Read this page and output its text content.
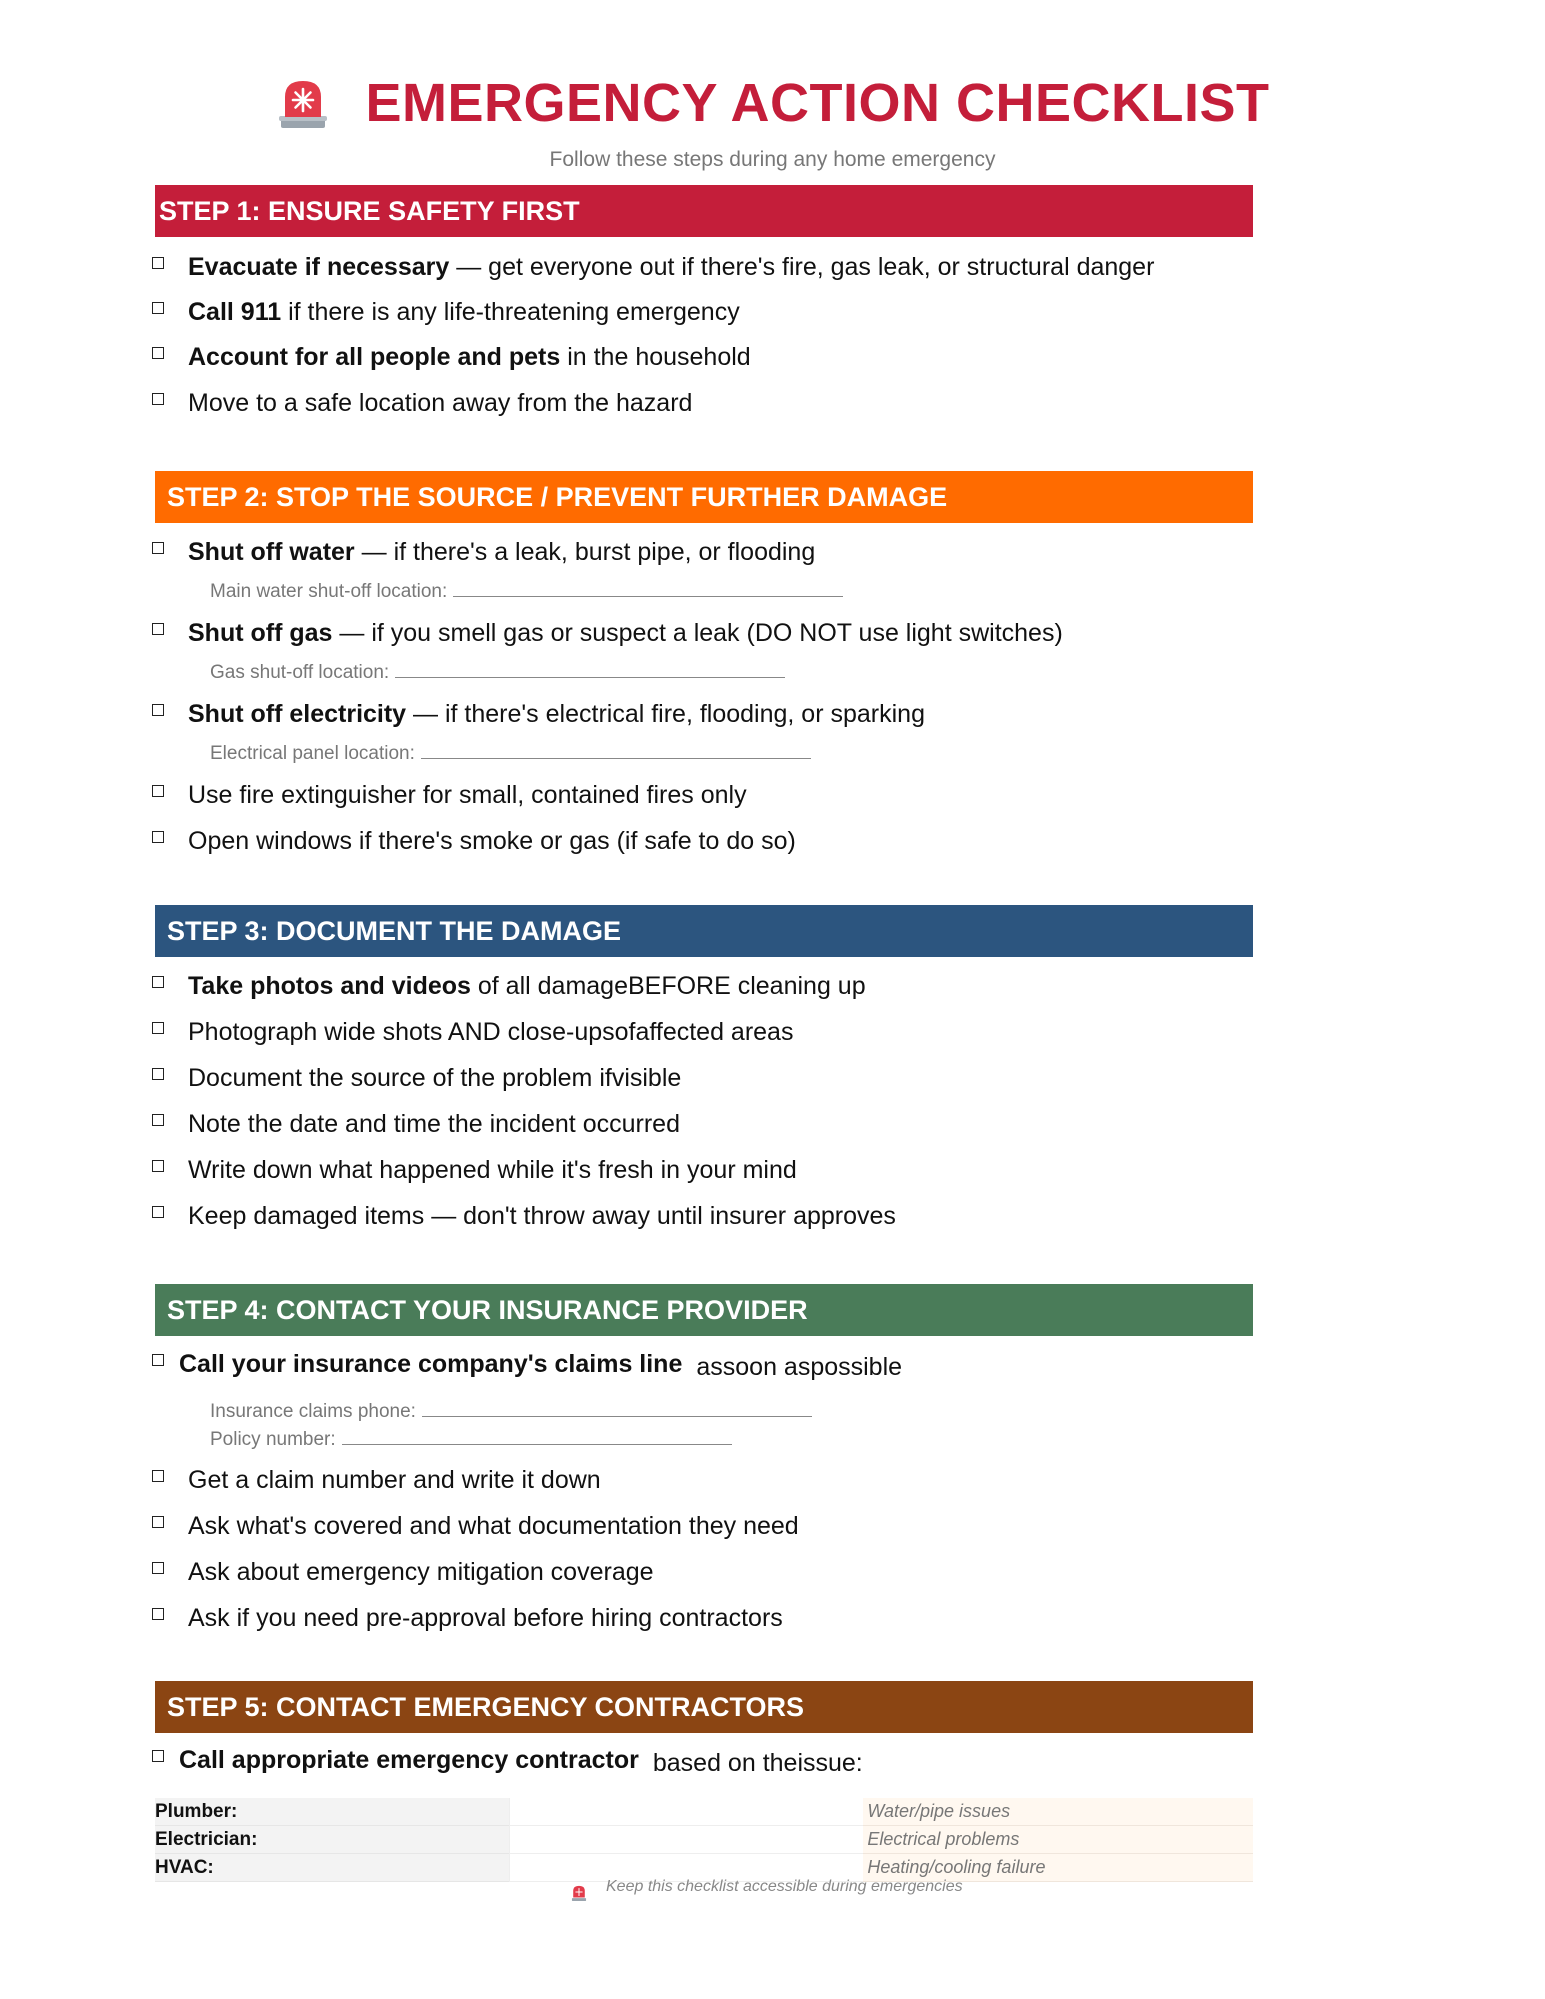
EMERGENCY ACTION CHECKLIST
Follow these steps during any home emergency
STEP 1: ENSURE SAFETY FIRST
Evacuate if necessary — get everyone out if there's fire, gas leak, or structural danger
Call 911 if there is any life-threatening emergency
Account for all people and pets in the household
Move to a safe location away from the hazard
STEP 2: STOP THE SOURCE / PREVENT FURTHER DAMAGE
Shut off water — if there's a leak, burst pipe, or flooding
Main water shut-off location:
Shut off gas — if you smell gas or suspect a leak (DO NOT use light switches)
Gas shut-off location:
Shut off electricity — if there's electrical fire, flooding, or sparking
Electrical panel location:
Use fire extinguisher for small, contained fires only
Open windows if there's smoke or gas (if safe to do so)
STEP 3: DOCUMENT THE DAMAGE
Take photos and videos of all damageBEFORE cleaning up
Photograph wide shots AND close-upsofaffected areas
Document the source of the problem ifvisible
Note the date and time the incident occurred
Write down what happened while it's fresh in your mind
Keep damaged items — don't throw away until insurer approves
STEP 4: CONTACT YOUR INSURANCE PROVIDER
Call your insurance company's claims line assoon aspossible
Insurance claims phone:
Policy number:
Get a claim number and write it down
Ask what's covered and what documentation they need
Ask about emergency mitigation coverage
Ask if you need pre-approval before hiring contractors
STEP 5: CONTACT EMERGENCY CONTRACTORS
Call appropriate emergency contractor based on theissue:
Plumber:	Water/pipe issues
Electrician:	Electrical problems
HVAC:	Heating/cooling failure
Keep this checklist accessible during emergencies
